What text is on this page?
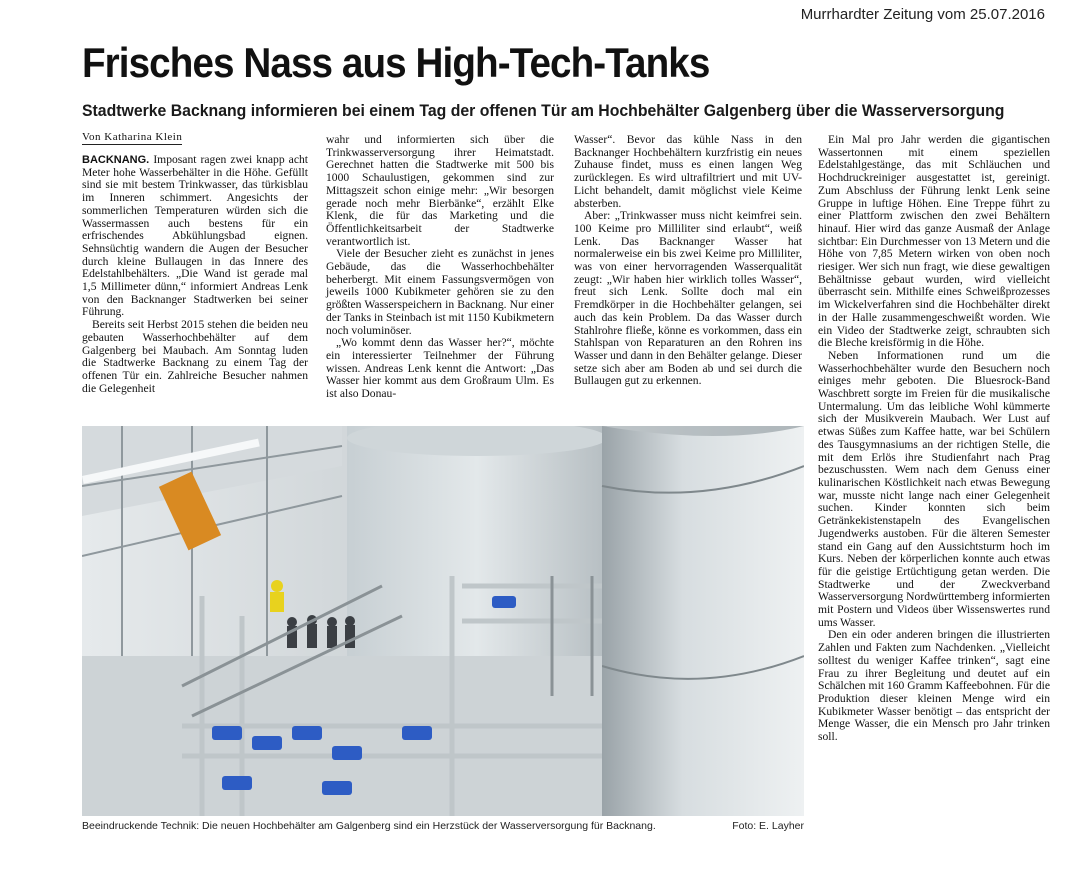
Murrhardter Zeitung vom 25.07.2016
Frisches Nass aus High-Tech-Tanks
Stadtwerke Backnang informieren bei einem Tag der offenen Tür am Hochbehälter Galgenberg über die Wasserversorgung
Von Katharina Klein

BACKNANG. Imposant ragen zwei knapp acht Meter hohe Wasserbehälter in die Höhe. Gefüllt sind sie mit bestem Trinkwasser, das türkisblau im Inneren schimmert. Angesichts der sommerlichen Temperaturen würden sich die Wassermassen auch bestens für ein erfrischendes Abkühlungsbad eignen. Sehnsüchtig wandern die Augen der Besucher durch kleine Bullaugen in das Innere des Edelstahlbehälters. „Die Wand ist gerade mal 1,5 Millimeter dünn,“ informiert Andreas Lenk von den Backnanger Stadtwerken bei seiner Führung.

Bereits seit Herbst 2015 stehen die beiden neu gebauten Wasserhochbehälter auf dem Galgenberg bei Maubach. Am Sonntag luden die Stadtwerke Backnang zu einem Tag der offenen Tür ein. Zahlreiche Besucher nahmen die Gelegenheit

wahr und informierten sich über die Trinkwasserversorgung ihrer Heimatstadt. Gerechnet hatten die Stadtwerke mit 500 bis 1000 Schaulustigen, gekommen sind zur Mittagszeit schon einige mehr: „Wir besorgen gerade noch mehr Bierbänke“, erzählt Elke Klenk, die für das Marketing und die Öffentlichkeitsarbeit der Stadtwerke verantwortlich ist.

Viele der Besucher zieht es zunächst in jenes Gebäude, das die Wasserhochbehälter beherbergt. Mit einem Fassungsvermögen von jeweils 1000 Kubikmeter gehören sie zu den größten Wasserspeichern in Backnang. Nur einer der Tanks in Steinbach ist mit 1150 Kubikmetern noch voluminöser.

„Wo kommt denn das Wasser her?“, möchte ein interessierter Teilnehmer der Führung wissen. Andreas Lenk kennt die Antwort: „Das Wasser hier kommt aus dem Großraum Ulm. Es ist also Donau-

Wasser“. Bevor das kühle Nass in den Backnanger Hochbehältern kurzfristig ein neues Zuhause findet, muss es einen langen Weg zurücklegen. Es wird ultrafiltriert und mit UV-Licht behandelt, damit möglichst viele Keime absterben.

Aber: „Trinkwasser muss nicht keimfrei sein. 100 Keime pro Milliliter sind erlaubt“, weiß Lenk. Das Backnanger Wasser hat normalerweise ein bis zwei Keime pro Milliliter, was von einer hervorragenden Wasserqualität zeugt: „Wir haben hier wirklich tolles Wasser“, freut sich Lenk. Sollte doch mal ein Fremdkörper in die Hochbehälter gelangen, sei auch das kein Problem. Da das Wasser durch Stahlrohre fließe, könne es vorkommen, dass ein Stahlspan von Reparaturen an den Rohren ins Wasser und dann in den Behälter gelange. Dieser setze sich aber am Boden ab und sei durch die Bullaugen gut zu erkennen.

Ein Mal pro Jahr werden die gigantischen Wassertonnen mit einem speziellen Edelstahlgestänge, das mit Schläuchen und Hochdruckreiniger ausgestattet ist, gereinigt. Zum Abschluss der Führung lenkt Lenk seine Gruppe in luftige Höhen. Eine Treppe führt zu einer Plattform zwischen den zwei Behältern hinauf. Hier wird das ganze Ausmaß der Anlage sichtbar: Ein Durchmesser von 13 Metern und die Höhe von 7,85 Metern wirken von oben noch riesiger. Wer sich nun fragt, wie diese gewaltigen Behältnisse gebaut wurden, wird vielleicht überrascht sein. Mithilfe eines Schweißprozesses im Wickelverfahren sind die Hochbehälter direkt in der Halle zusammengeschweißt worden. Wie ein Video der Stadtwerke zeigt, schraubten sich die Bleche kreisförmig in die Höhe.

Neben Informationen rund um die Wasserhochbehälter wurde den Besuchern noch einiges mehr geboten. Die Bluesrock-Band Waschbrett sorgte im Freien für die musikalische Untermalung. Um das leibliche Wohl kümmerte sich der Musikverein Maubach. Wer Lust auf etwas Süßes zum Kaffee hatte, war bei Schülern des Tausgymnasiums an der richtigen Stelle, die mit dem Erlös ihre Studienfahrt nach Prag bezuschussten. Wem nach dem Genuss einer kulinarischen Köstlichkeit nach etwas Bewegung war, musste nicht lange nach einer Gelegenheit suchen. Kinder konnten sich beim Getränkekistenstapeln des Evangelischen Jugendwerks austoben. Für die älteren Semester stand ein Gang auf den Aussichtsturm hoch im Kurs. Neben der körperlichen konnte auch etwas für die geistige Ertüchtigung getan werden. Die Stadtwerke und der Zweckverband Wasserversorgung Nordwürttemberg informierten mit Postern und Videos über Wissenswertes rund ums Wasser.

Den ein oder anderen bringen die illustrierten Zahlen und Fakten zum Nachdenken. „Vielleicht solltest du weniger Kaffee trinken“, sagt eine Frau zu ihrer Begleitung und deutet auf ein Schälchen mit 160 Gramm Kaffeebohnen. Für die Produktion dieser kleinen Menge wird ein Kubikmeter Wasser benötigt – das entspricht der Menge Wasser, die ein Mensch pro Jahr trinken soll.

Beeindruckende Technik: Die neuen Hochbehälter am Galgenberg sind ein Herzstück der Wasserversorgung für Backnang.	Foto: E. Layher
